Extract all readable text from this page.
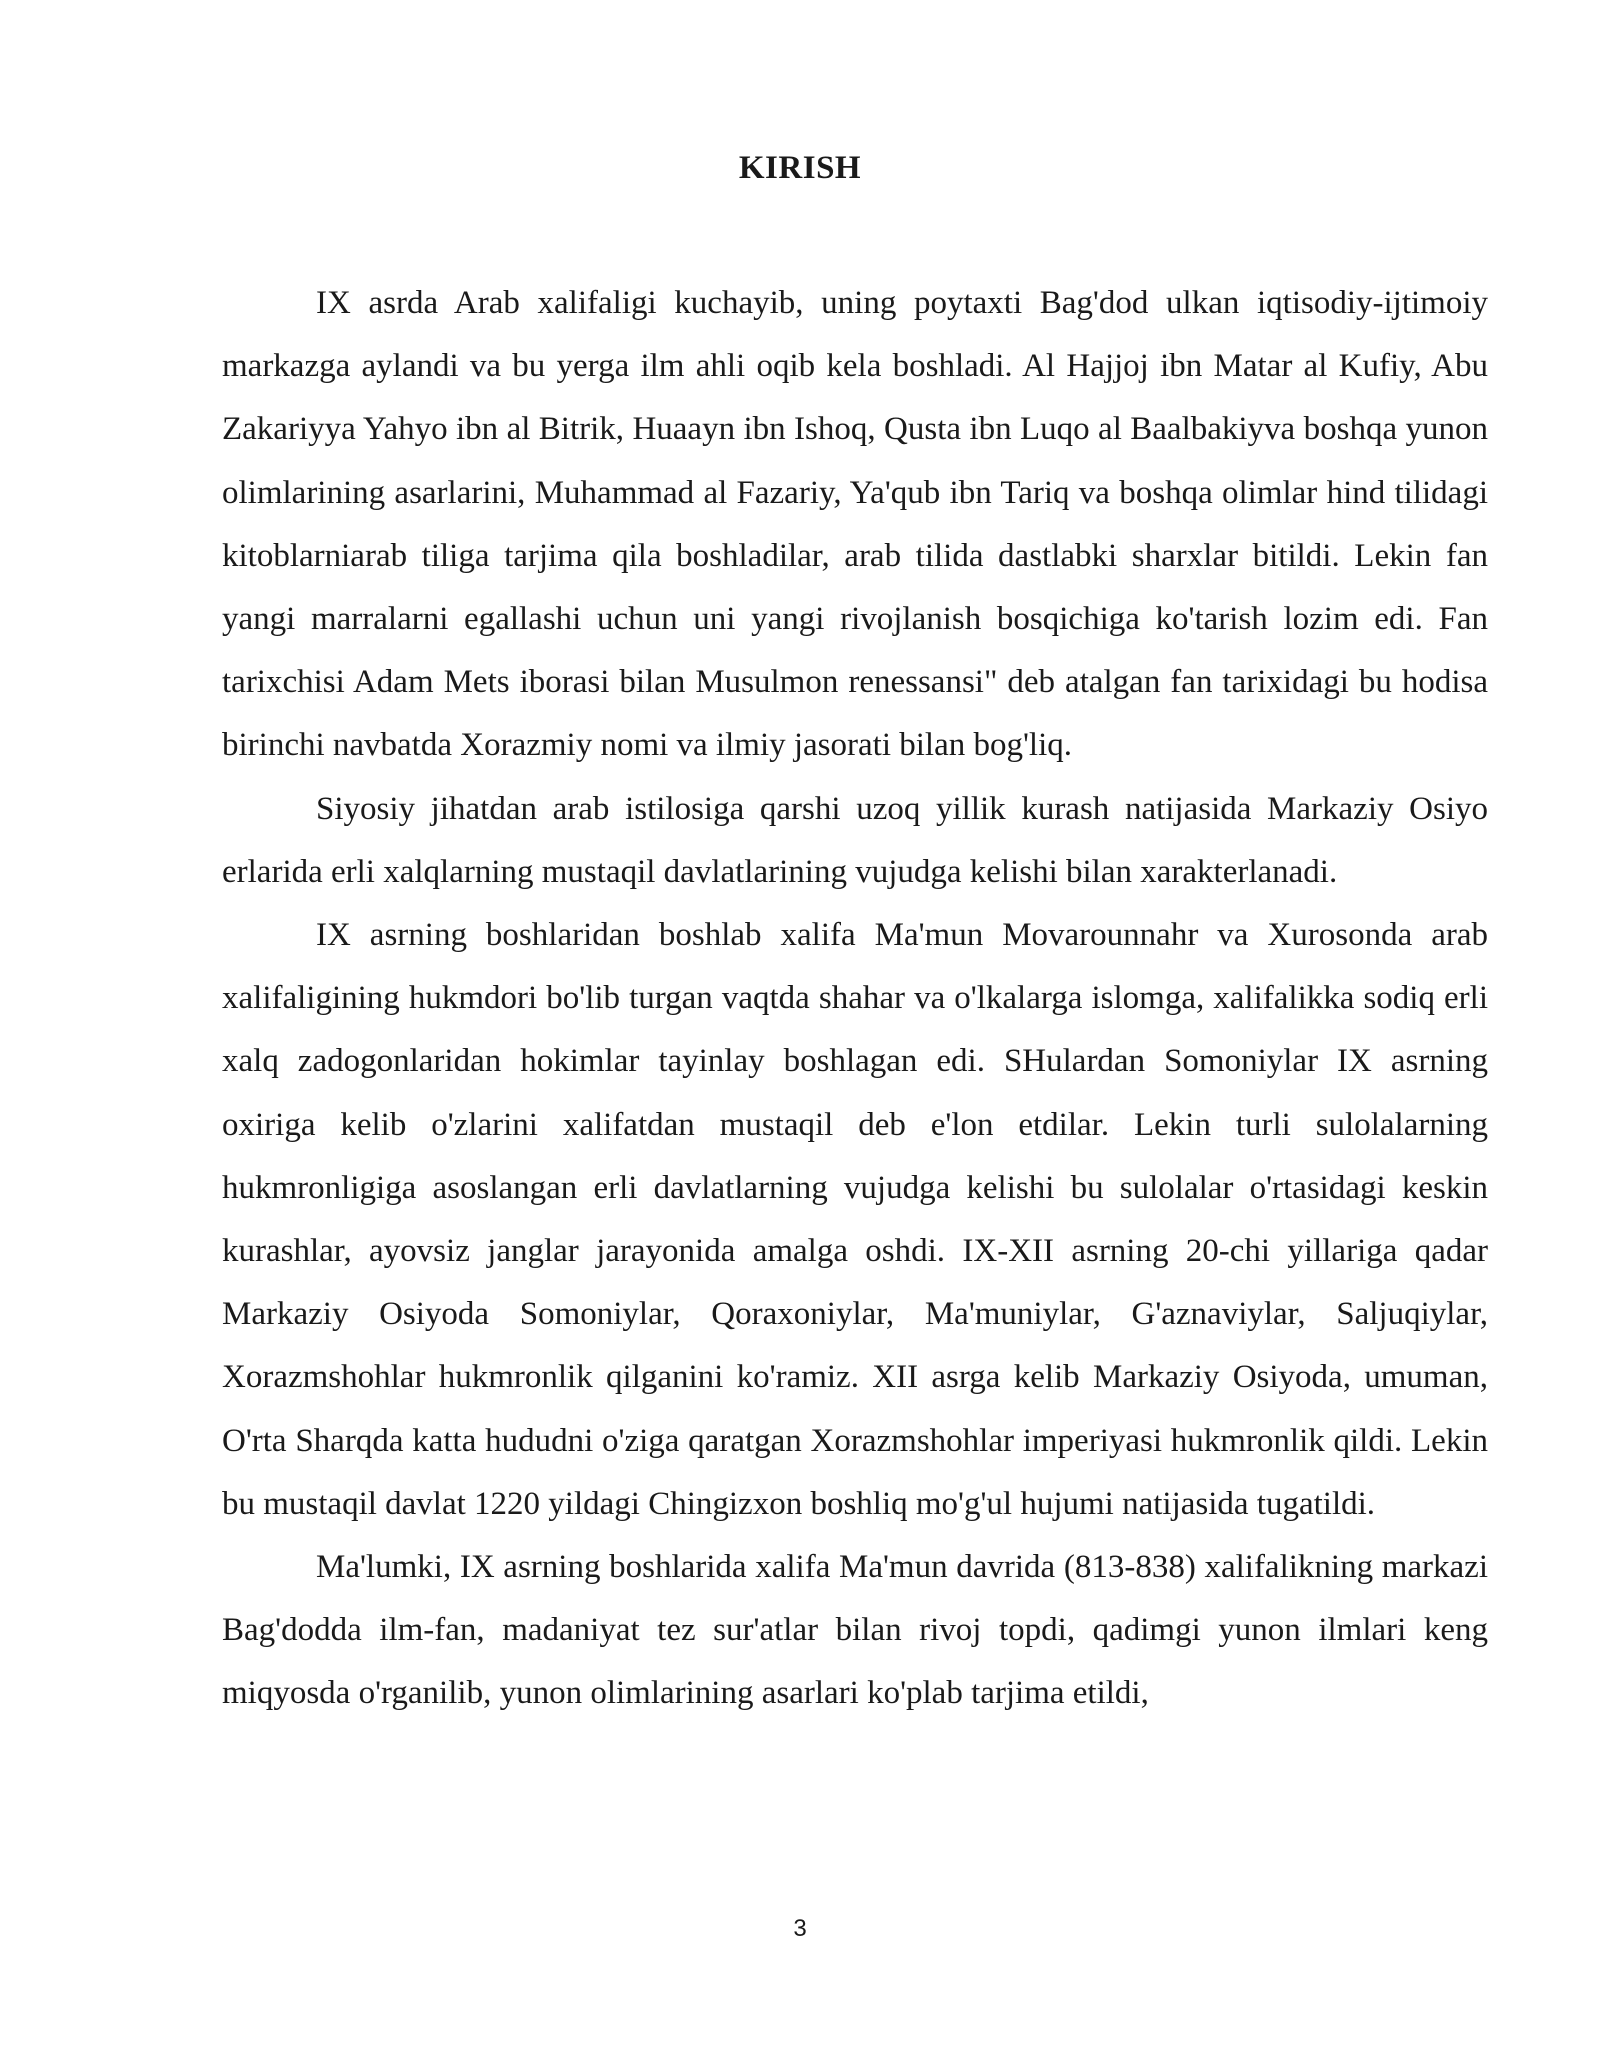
KIRISH

IX asrda Arab xalifaligi kuchayib, uning poytaxti Bag'dod ulkan iqtisodiy-ijtimoiy markazga aylandi va bu yerga ilm ahli oqib kela boshladi. Al Hajjoj ibn Matar al Kufiy, Abu Zakariyya Yahyo ibn al Bitrik, Huaayn ibn Ishoq, Qusta ibn Luqo al Baalbakiyva boshqa yunon olimlarining asarlarini, Muhammad al Fazariy, Ya'qub ibn Tariq va boshqa olimlar hind tilidagi kitoblarniarab tiliga tarjima qila boshladilar, arab tilida dastlabki sharxlar bitildi. Lekin fan yangi marralarni egallashi uchun uni yangi rivojlanish bosqichiga ko'tarish lozim edi. Fan tarixchisi Adam Mets iborasi bilan Musulmon renessansi" deb atalgan fan tarixidagi bu hodisa birinchi navbatda Xorazmiy nomi va ilmiy jasorati bilan bog'liq.

Siyosiy jihatdan arab istilosiga qarshi uzoq yillik kurash natijasida Markaziy Osiyo erlarida erli xalqlarning mustaqil davlatlarining vujudga kelishi bilan xarakterlanadi.

IX asrning boshlaridan boshlab xalifa Ma'mun Movarounnahr va Xurosonda arab xalifaligining hukmdori bo'lib turgan vaqtda shahar va o'lkalarga islomga, xalifalikka sodiq erli xalq zadogonlaridan hokimlar tayinlay boshlagan edi. SHulardan Somoniylar IX asrning oxiriga kelib o'zlarini xalifatdan mustaqil deb e'lon etdilar. Lekin turli sulolalarning hukmronligiga asoslangan erli davlatlarning vujudga kelishi bu sulolalar o'rtasidagi keskin kurashlar, ayovsiz janglar jarayonida amalga oshdi. IX-XII asrning 20-chi yillariga qadar Markaziy Osiyoda Somoniylar, Qoraxoniylar, Ma'muniylar, G'aznaviylar, Saljuqiylar, Xorazmshohlar hukmronlik qilganini ko'ramiz. XII asrga kelib Markaziy Osiyoda, umuman, O'rta Sharqda katta hududni o'ziga qaratgan Xorazmshohlar imperiyasi hukmronlik qildi. Lekin bu mustaqil davlat 1220 yildagi Chingizxon boshliq mo'g'ul hujumi natijasida tugatildi.

Ma'lumki, IX asrning boshlarida xalifa Ma'mun davrida (813-838) xalifalikning markazi Bag'dodda ilm-fan, madaniyat tez sur'atlar bilan rivoj topdi, qadimgi yunon ilmlari keng miqyosda o'rganilib, yunon olimlarining asarlari ko'plab tarjima etildi,

3
